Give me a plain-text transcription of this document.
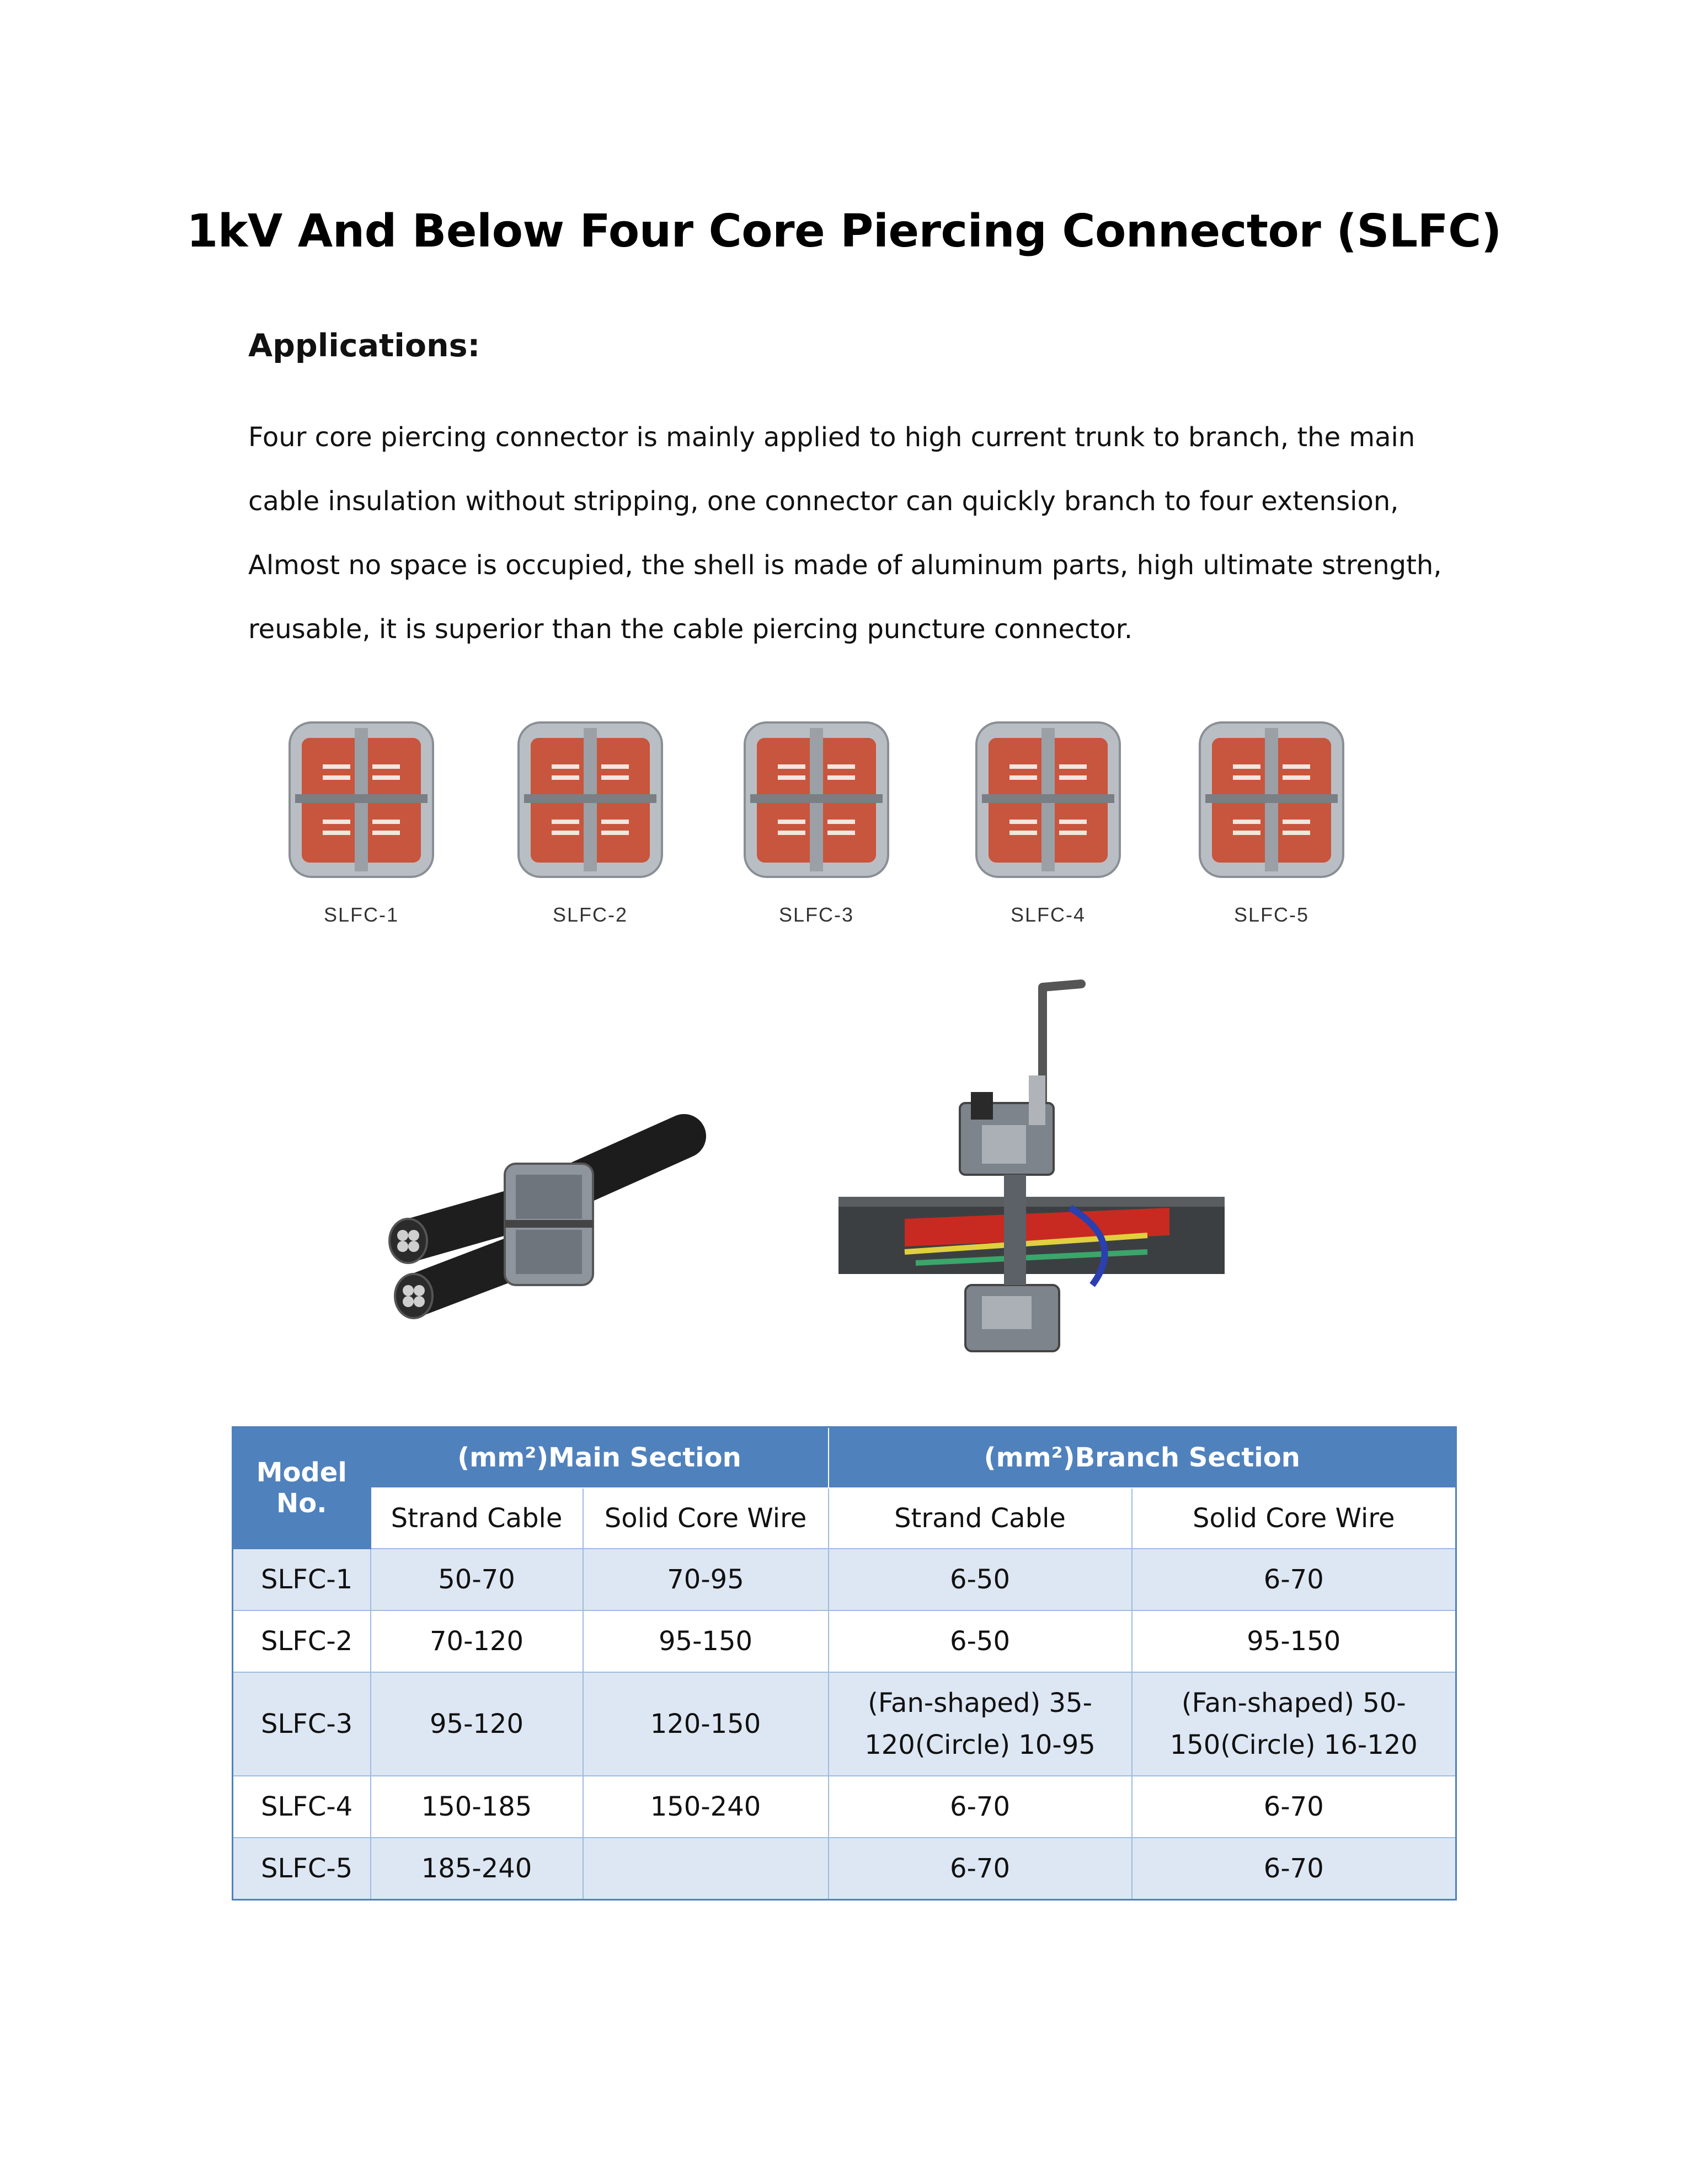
1kV And Below Four Core Piercing Connector (SLFC)
Applications:
Four core piercing connector is mainly applied to high current trunk to branch, the main cable insulation without stripping, one connector can quickly branch to four extension, Almost no space is occupied, the shell is made of aluminum parts, high ultimate strength, reusable, it is superior than the cable piercing puncture connector.
SLFC-1	SLFC-2	SLFC-3	SLFC-4	SLFC-5
Model No.	(mm²)Main Section		(mm²)Branch Section	
	Strand Cable	Solid Core Wire	Strand Cable	Solid Core Wire
SLFC-1	50-70	70-95	6-50	6-70
SLFC-2	70-120	95-150	6-50	95-150
SLFC-3	95-120	120-150	(Fan-shaped) 35-120(Circle) 10-95	(Fan-shaped) 50-150(Circle) 16-120
SLFC-4	150-185	150-240	6-70	6-70
SLFC-5	185-240		6-70	6-70
